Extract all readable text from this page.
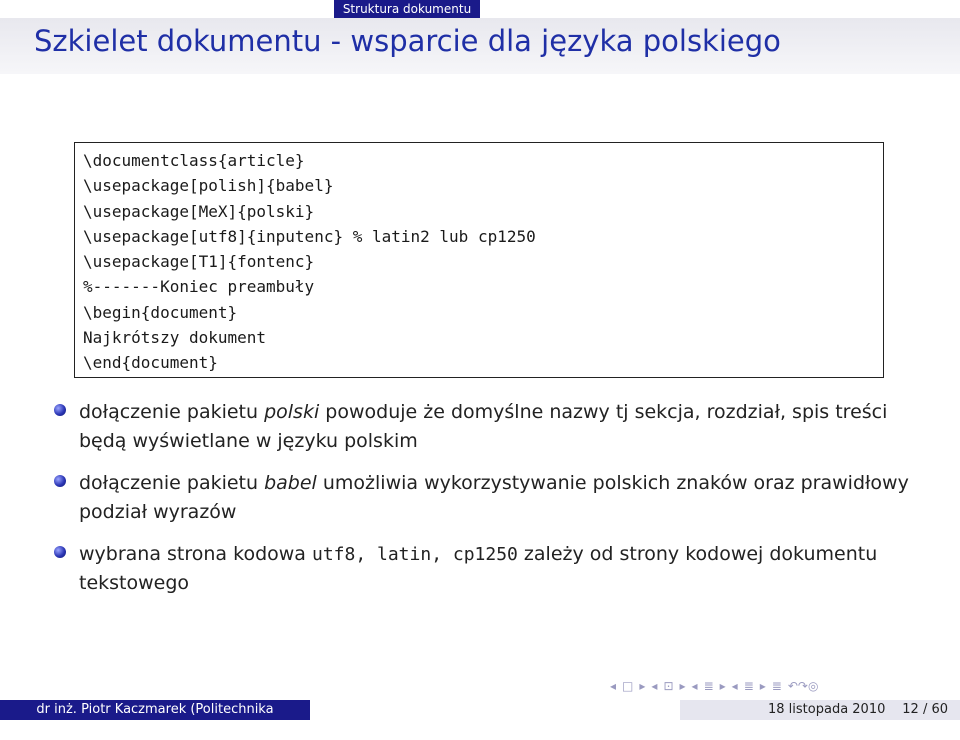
Struktura dokumentu
Szkielet dokumentu - wsparcie dla języka polskiego
\documentclass{article}
\usepackage[polish]{babel}
\usepackage[MeX]{polski}
\usepackage[utf8]{inputenc} % latin2 lub cp1250
\usepackage[T1]{fontenc}
%-------Koniec preambuły
\begin{document}
Najkrótszy dokument
\end{document}
dołączenie pakietu polski powoduje że domyślne nazwy tj sekcja, rozdział, spis treści będą wyświetlane w języku polskim
dołączenie pakietu babel umożliwia wykorzystywanie polskich znaków oraz prawidłowy podział wyrazów
wybrana strona kodowa utf8, latin, cp1250 zależy od strony kodowej dokumentu tekstowego
◂ □ ▸ ◂ ⊡ ▸ ◂ ≣ ▸ ◂ ≣ ▸ ≣ ↶↷◎
dr inż. Piotr Kaczmarek (Politechnika Poznańska)
18 listopada 2010 12 / 60
